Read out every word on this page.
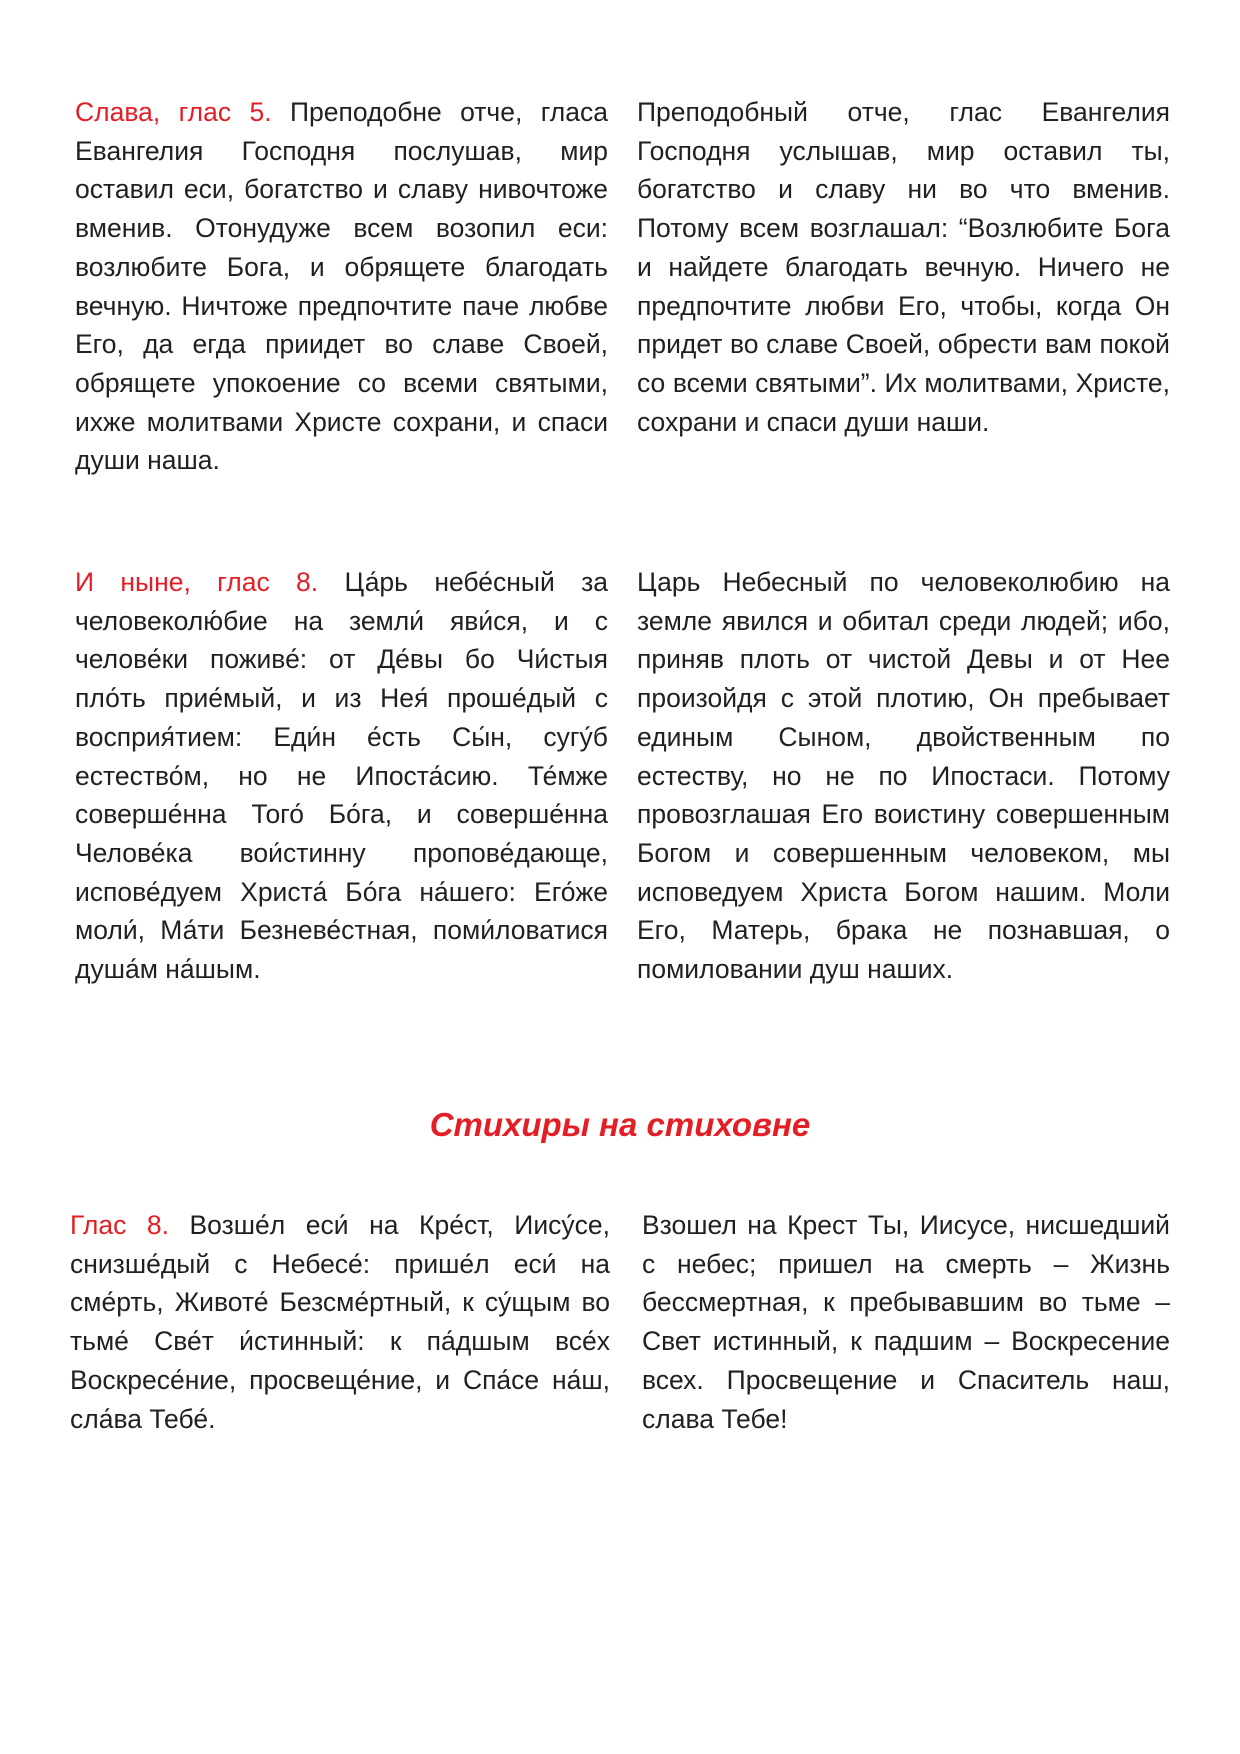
Слава, глас 5. Преподобне отче, гласа Евангелия Господня послушав, мир оставил еси, богатство и славу нивочтоже вменив. Отонудуже всем возопил еси: возлюбите Бога, и обрящете благодать вечную. Ничтоже предпочтите паче любве Его, да егда приидет во славе Своей, обрящете упокоение со всеми святыми, ихже молитвами Христе сохрани, и спаси души наша.
Преподобный отче, глас Евангелия Господня услышав, мир оставил ты, богатство и славу ни во что вменив. Потому всем возглашал: “Возлюбите Бога и найдете благодать вечную. Ничего не предпочтите любви Его, чтобы, когда Он придет во славе Своей, обрести вам покой со всеми святыми”. Их молитвами, Христе, сохрани и спаси души наши.
И ныне, глас 8. Ца́рь небе́сный за человеколю́бие на земли́ яви́ся, и с челове́ки поживе́: от Де́вы бо Чи́стыя пло́ть прие́мый, и из Нея́ проше́дый с восприя́тием: Еди́н е́сть Сы́н, сугу́б естество́м, но не Ипоста́сию. Те́мже соверше́нна Того́ Бо́га, и соверше́нна Челове́ка вои́стинну пропове́дающе, испове́дуем Христа́ Бо́га на́шего: Его́же моли́, Ма́ти Безневе́стная, поми́ловатися душа́м на́шым.
Царь Небесный по человеколюбию на земле явился и обитал среди людей; ибо, приняв плоть от чистой Девы и от Нее произойдя с этой плотию, Он пребывает единым Сыном, двойственным по естеству, но не по Ипостаси. Потому провозглашая Его воистину совершенным Богом и совершенным человеком, мы исповедуем Христа Богом нашим. Моли Его, Матерь, брака не познавшая, о помиловании душ наших.
Стихиры на стиховне
Глас 8. Возше́л еси́ на Кре́ст, Иису́се, снизше́дый с Небесе́: прише́л еси́ на сме́рть, Животе́ Безсме́ртный, к су́щым во тьме́ Све́т и́стинный: к па́дшым все́х Воскресе́ние, просвеще́ние, и Спа́се на́ш, сла́ва Тебе́.
Взошел на Крест Ты, Иисусе, нисшедший с небес; пришел на смерть – Жизнь бессмертная, к пребывавшим во тьме – Свет истинный, к падшим – Воскресение всех. Просвещение и Спаситель наш, слава Тебе!
